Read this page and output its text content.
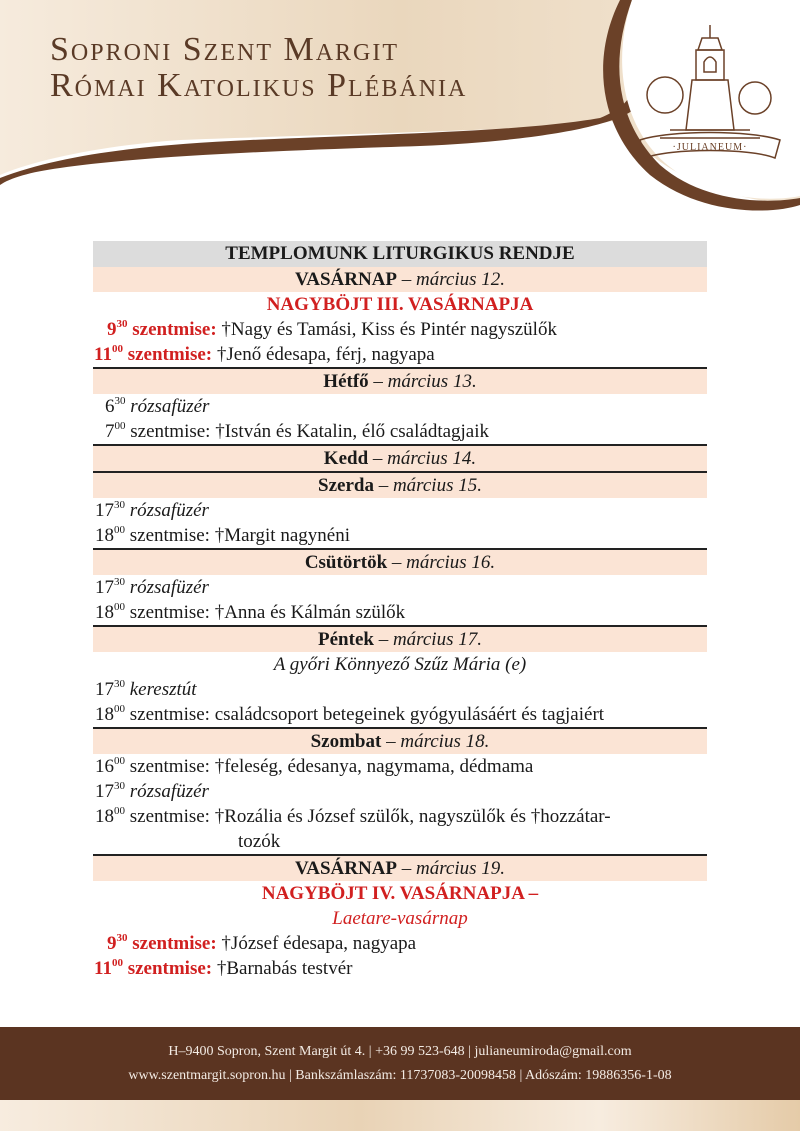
Soproni Szent Margit
Római Katolikus Plébánia
·JULIANEUM·
TEMPLOMUNK LITURGIKUS RENDJE
VASÁRNAP – március 12.
NAGYBÖJT III. VASÁRNAPJA
$9^{30}$ szentmise: †Nagy és Tamási, Kiss és Pintér nagyszülők
$11^{00}$ szentmise: †Jenő édesapa, férj, nagyapa
Hétfő – március 13.
$6^{30}$ rózsafüzér
$7^{00}$ szentmise: †István és Katalin, élő családtagjaik
Kedd – március 14.
Szerda – március 15.
$17^{30}$ rózsafüzér
$18^{00}$ szentmise: †Margit nagynéni
Csütörtök – március 16.
$17^{30}$ rózsafüzér
$18^{00}$ szentmise: †Anna és Kálmán szülők
Péntek – március 17.
A győri Könnyező Szűz Mária (e)
$17^{30}$ keresztút
$18^{00}$ szentmise: családcsoport betegeinek gyógyulásáért és tagjaiért
Szombat – március 18.
$16^{00}$ szentmise: †feleség, édesanya, nagymama, dédmama
$17^{30}$ rózsafüzér
$18^{00}$ szentmise: †Rozália és József szülők, nagyszülők és †hozzátar-
tozók
VASÁRNAP – március 19.
NAGYBÖJT IV. VASÁRNAPJA –
Laetare-vasárnap
$9^{30}$ szentmise: †József édesapa, nagyapa
$11^{00}$ szentmise: †Barnabás testvér
H–9400 Sopron, Szent Margit út 4. | +36 99 523-648 | julianeumiroda@gmail.com
www.szentmargit.sopron.hu | Bankszámlaszám: 11737083-20098458 | Adószám: 19886356-1-08
